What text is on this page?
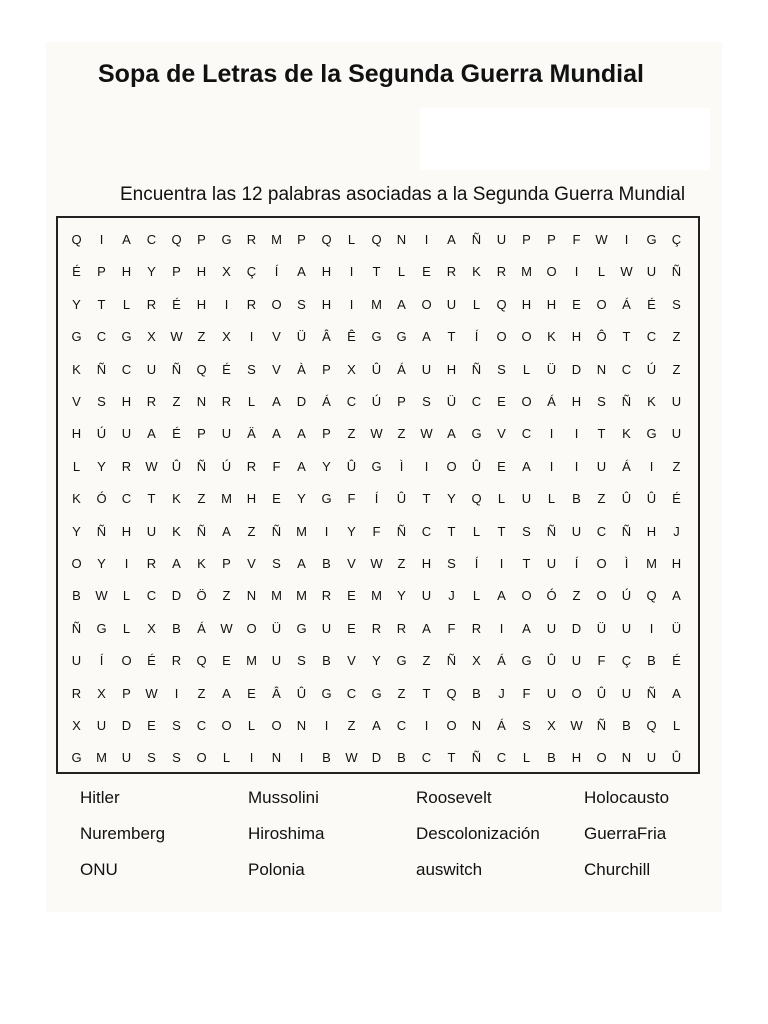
Sopa de Letras de la Segunda Guerra Mundial
Encuentra las 12 palabras asociadas a la Segunda Guerra Mundial
Q	I	A	C	Q	P	G	R	M	P	Q	L	Q	N	I	A	Ñ	U	P	P	F	W	I	G	Ç
É	P	H	Y	P	H	X	Ç	Í	A	H	I	T	L	E	R	K	R	M	O	I	L	W	U	Ñ
Y	T	L	R	É	H	I	R	O	S	H	I	M	A	O	U	L	Q	H	H	E	O	Á	É	S
G	C	G	X	W	Z	X	I	V	Ü	Â	Ê	G	G	A	T	Í	O	O	K	H	Ô	T	C	Z
K	Ñ	C	U	Ñ	Q	É	S	V	À	P	X	Û	Á	U	H	Ñ	S	L	Ü	D	N	C	Ú	Z
V	S	H	R	Z	N	R	L	A	D	Á	C	Ú	P	S	Ü	C	E	O	Á	H	S	Ñ	K	U
H	Ú	U	A	É	P	U	Ä	A	A	P	Z	W	Z	W	A	G	V	C	I	I	T	K	G	U
L	Y	R	W	Û	Ñ	Ú	R	F	A	Y	Û	G	Ì	I	O	Û	E	A	I	I	U	Á	I	Z
K	Ó	C	T	K	Z	M	H	E	Y	G	F	Í	Û	T	Y	Q	L	U	L	B	Z	Û	Û	É
Y	Ñ	H	U	K	Ñ	A	Z	Ñ	M	I	Y	F	Ñ	C	T	L	T	S	Ñ	U	C	Ñ	H	J
O	Y	I	R	A	K	P	V	S	A	B	V	W	Z	H	S	Í	I	T	U	Í	O	Ì	M	H
B	W	L	C	D	Ö	Z	N	M	M	R	E	M	Y	U	J	L	A	O	Ó	Z	O	Ú	Q	A
Ñ	G	L	X	B	Á	W	O	Ü	G	U	E	R	R	A	F	R	I	A	U	D	Ü	U	I	Ü
U	Í	O	É	R	Q	E	M	U	S	B	V	Y	G	Z	Ñ	X	Á	G	Û	U	F	Ç	B	É
R	X	P	W	I	Z	A	E	Â	Û	G	C	G	Z	T	Q	B	J	F	U	O	Û	U	Ñ	A
X	U	D	E	S	C	O	L	O	N	I	Z	A	C	I	O	N	Á	S	X	W	Ñ	B	Q	L
G	M	U	S	S	O	L	I	N	I	B	W	D	B	C	T	Ñ	C	L	B	H	O	N	U	Û
Hitler	Mussolini	Roosevelt	Holocausto
Nuremberg	Hiroshima	Descolonización	GuerraFria
ONU	Polonia	auswitch	Churchill
